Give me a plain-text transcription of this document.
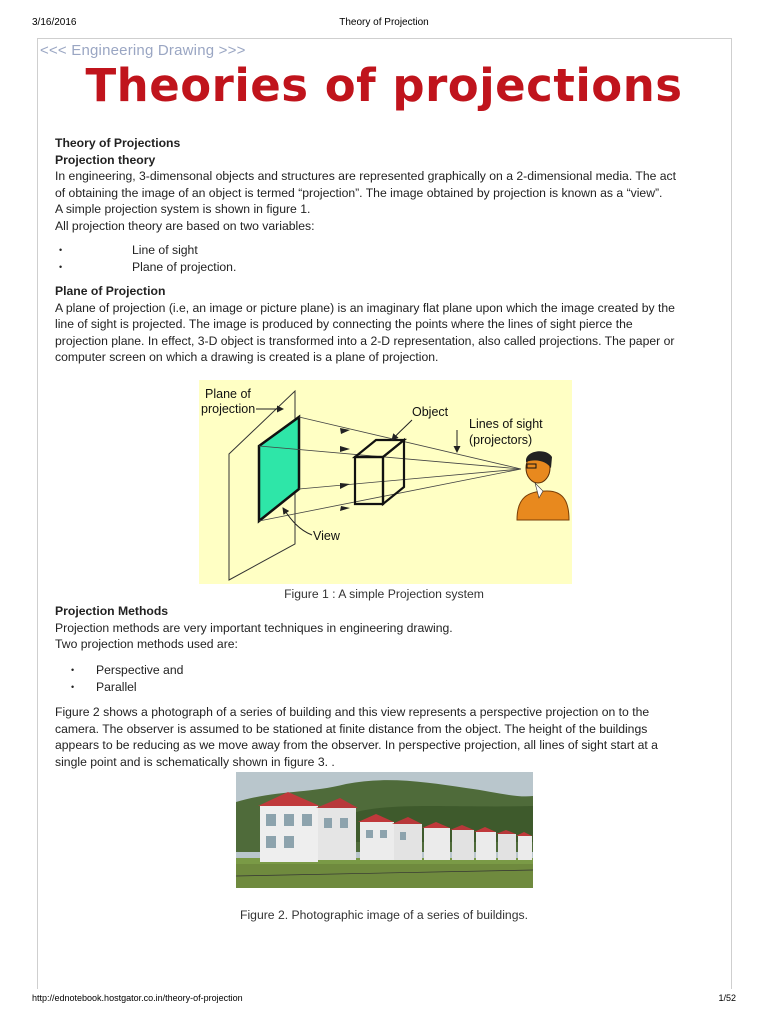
3/16/2016	Theory of Projection
<<< Engineering Drawing >>>
Theories of projections
Theory of Projections
Projection theory

In engineering, 3-dimensonal objects and structures are represented graphically on a 2-dimensional media. The act

of obtaining the image of an object is termed “projection”. The image obtained by projection is known as a “view”.

A simple projection system is shown in figure 1.

All projection theory are based on two variables:

•	Line of sight
•	Plane of projection.
Plane of Projection

A plane of projection (i.e, an image or picture plane) is an imaginary flat plane upon which the image created by the

line of sight is projected. The image is produced by connecting the points where the lines of sight pierce the

projection plane. In effect, 3-D object is transformed into a 2-D representation, also called projections. The paper or

computer screen on which a drawing is created is a plane of projection.

Plane of
projection	Object
Lines of sight
(projectors)
View
Figure 1 : A simple Projection system
Projection Methods

Projection methods are very important techniques in engineering drawing.

Two projection methods used are:

• Perspective and
• Parallel

Figure 2 shows a photograph of a series of building and this view represents a perspective projection on to the

camera. The observer is assumed to be stationed at finite distance from the object. The height of the buildings

appears to be reducing as we move away from the observer. In perspective projection, all lines of sight start at a

single point and is schematically shown in figure 3. .

Figure 2. Photographic image of a series of buildings.
http://ednotebook.hostgator.co.in/theory-of-projection	1/52
